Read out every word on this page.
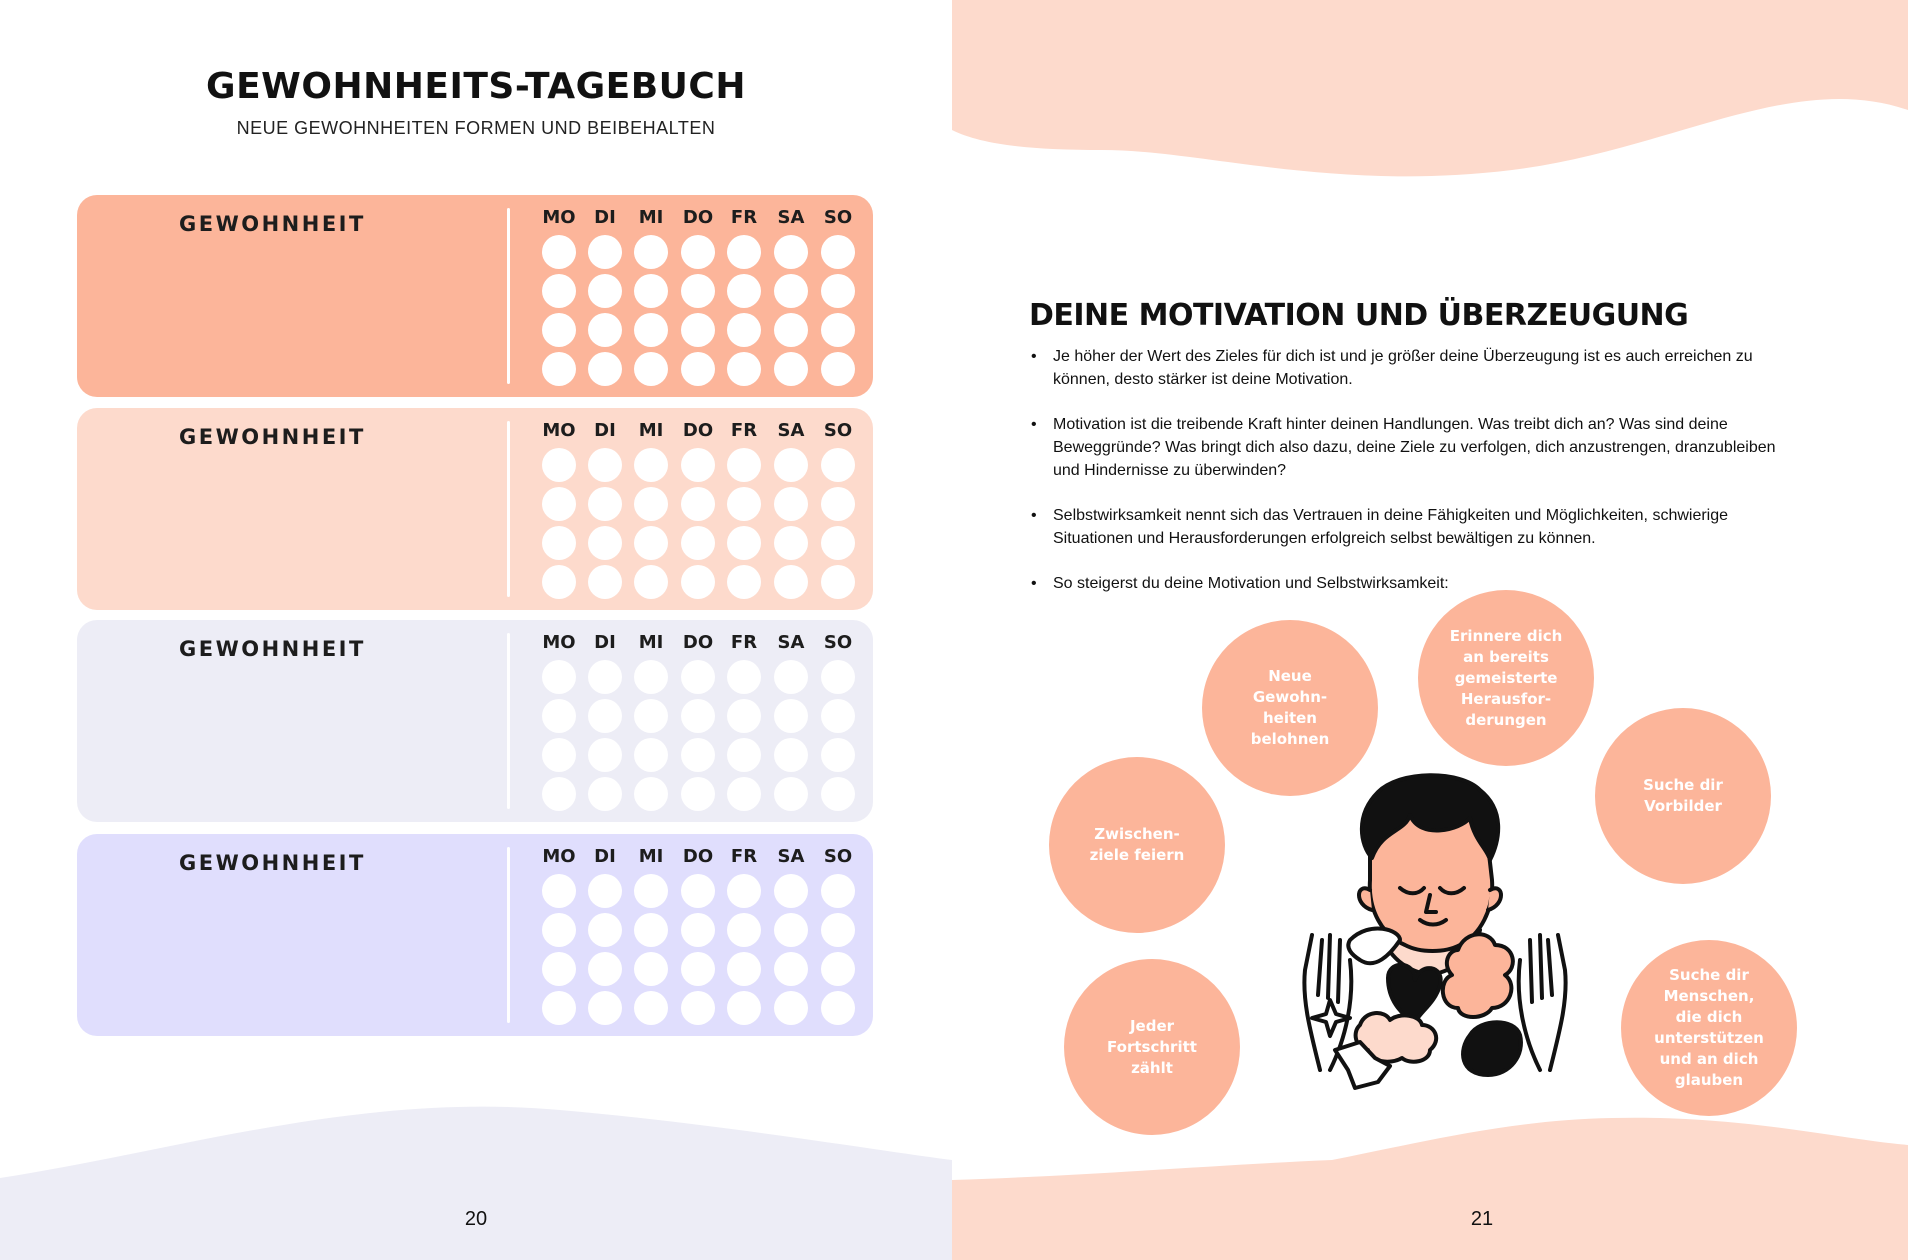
GEWOHNHEITS-TAGEBUCH
NEUE GEWOHNHEITEN FORMEN UND BEIBEHALTEN
GEWOHNHEIT	MO	DI	MI	DO FR	SA	SO
GEWOHNHEIT	MO	DI	MI	DO FR	SA	SO
GEWOHNHEIT	MO	DI	MI	DO FR	SA	SO
GEWOHNHEIT	MO	DI	MI	DO FR	SA	SO
20
DEINE MOTIVATION UND ÜBERZEUGUNG
• Je höher der Wert des Zieles für dich ist und je größer deine Überzeugung ist es auch erreichen zu können, desto stärker ist deine Motivation.
• Motivation ist die treibende Kraft hinter deinen Handlungen. Was treibt dich an? Was sind deine Beweggründe? Was bringt dich also dazu, deine Ziele zu verfolgen, dich anzustrengen, dranzubleiben und Hindernisse zu überwinden?
• Selbstwirksamkeit nennt sich das Vertrauen in deine Fähigkeiten und Möglichkeiten, schwierige Situationen und Herausforderungen erfolgreich selbst bewältigen zu können.
• So steigerst du deine Motivation und Selbstwirksamkeit:
21
Neue
Gewohn-
heiten
belohnen
Erinnere dich
an bereits
gemeisterte
Herausfor-
derungen
Suche dir
Vorbilder
Zwischen-
ziele feiern
Suche dir
Menschen,
die dich
unterstützen
und an dich
glauben
Jeder
Fortschritt
zählt
